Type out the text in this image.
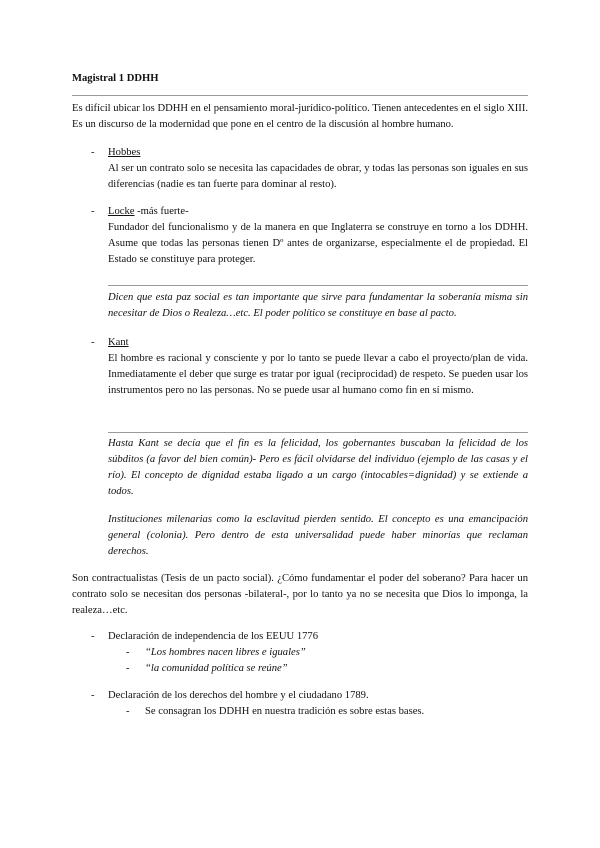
Magistral 1 DDHH
Es difícil ubicar los DDHH en el pensamiento moral-jurídico-político. Tienen antecedentes en el siglo XIII. Es un discurso de la modernidad que pone en el centro de la discusión al hombre humano.
- Hobbes
Al ser un contrato solo se necesita las capacidades de obrar, y todas las personas son iguales en sus diferencias (nadie es tan fuerte para dominar al resto).
- Locke -más fuerte-
Fundador del funcionalismo y de la manera en que Inglaterra se construye en torno a los DDHH. Asume que todas las personas tienen Dº antes de organizarse, especialmente el de propiedad. El Estado se constituye para proteger.
Dicen que esta paz social es tan importante que sirve para fundamentar la soberanía misma sin necesitar de Dios o Realeza…etc. El poder político se constituye en base al pacto.
- Kant
El hombre es racional y consciente y por lo tanto se puede llevar a cabo el proyecto/plan de vida. Inmediatamente el deber que surge es tratar por igual (reciprocidad) de respeto. Se pueden usar los instrumentos pero no las personas. No se puede usar al humano como fin en sí mismo.
Hasta Kant se decía que el fin es la felicidad, los gobernantes buscaban la felicidad de los súbditos (a favor del bien común)- Pero es fácil olvidarse del individuo (ejemplo de las casas y el río). El concepto de dignidad estaba ligado a un cargo (intocables=dignidad) y se extiende a todos.
Instituciones milenarias como la esclavitud pierden sentido. El concepto es una emancipación general (colonia). Pero dentro de esta universalidad puede haber minorías que reclaman derechos.
Son contractualistas (Tesis de un pacto social). ¿Cómo fundamentar el poder del soberano? Para hacer un contrato solo se necesitan dos personas -bilateral-, por lo tanto ya no se necesita que Dios lo imponga, la realeza…etc.
- Declaración de independencia de los EEUU 1776
- “Los hombres nacen libres e iguales”
- “la comunidad política se reúne”
- Declaración de los derechos del hombre y el ciudadano 1789.
- Se consagran los DDHH en nuestra tradición es sobre estas bases.
